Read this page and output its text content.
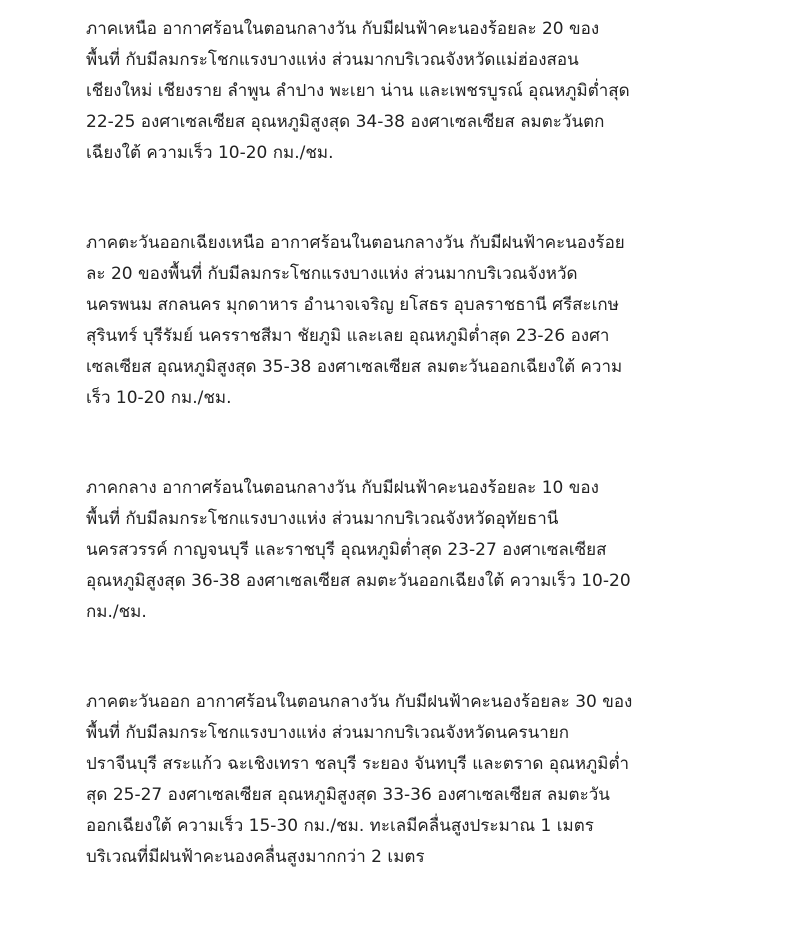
ภาคเหนือ อากาศร้อนในตอนกลางวัน กับมีฝนฟ้าคะนองร้อยละ 20 ของ
พื้นที่ กับมีลมกระโชกแรงบางแห่ง ส่วนมากบริเวณจังหวัดแม่ฮ่องสอน
เชียงใหม่ เชียงราย ลำพูน ลำปาง พะเยา น่าน และเพชรบูรณ์ อุณหภูมิต่ำสุด
22-25 องศาเซลเซียส อุณหภูมิสูงสุด 34-38 องศาเซลเซียส ลมตะวันตก
เฉียงใต้ ความเร็ว 10-20 กม./ชม.

ภาคตะวันออกเฉียงเหนือ อากาศร้อนในตอนกลางวัน กับมีฝนฟ้าคะนองร้อย
ละ 20 ของพื้นที่ กับมีลมกระโชกแรงบางแห่ง ส่วนมากบริเวณจังหวัด
นครพนม สกลนคร มุกดาหาร อำนาจเจริญ ยโสธร อุบลราชธานี ศรีสะเกษ
สุรินทร์ บุรีรัมย์ นครราชสีมา ชัยภูมิ และเลย อุณหภูมิต่ำสุด 23-26 องศา
เซลเซียส อุณหภูมิสูงสุด 35-38 องศาเซลเซียส ลมตะวันออกเฉียงใต้ ความ
เร็ว 10-20 กม./ชม.

ภาคกลาง อากาศร้อนในตอนกลางวัน กับมีฝนฟ้าคะนองร้อยละ 10 ของ
พื้นที่ กับมีลมกระโชกแรงบางแห่ง ส่วนมากบริเวณจังหวัดอุทัยธานี
นครสวรรค์ กาญจนบุรี และราชบุรี อุณหภูมิต่ำสุด 23-27 องศาเซลเซียส
อุณหภูมิสูงสุด 36-38 องศาเซลเซียส ลมตะวันออกเฉียงใต้ ความเร็ว 10-20
กม./ชม.

ภาคตะวันออก อากาศร้อนในตอนกลางวัน กับมีฝนฟ้าคะนองร้อยละ 30 ของ
พื้นที่ กับมีลมกระโชกแรงบางแห่ง ส่วนมากบริเวณจังหวัดนครนายก
ปราจีนบุรี สระแก้ว ฉะเชิงเทรา ชลบุรี ระยอง จันทบุรี และตราด อุณหภูมิต่ำ
สุด 25-27 องศาเซลเซียส อุณหภูมิสูงสุด 33-36 องศาเซลเซียส ลมตะวัน
ออกเฉียงใต้ ความเร็ว 15-30 กม./ชม. ทะเลมีคลื่นสูงประมาณ 1 เมตร
บริเวณที่มีฝนฟ้าคะนองคลื่นสูงมากกว่า 2 เมตร
